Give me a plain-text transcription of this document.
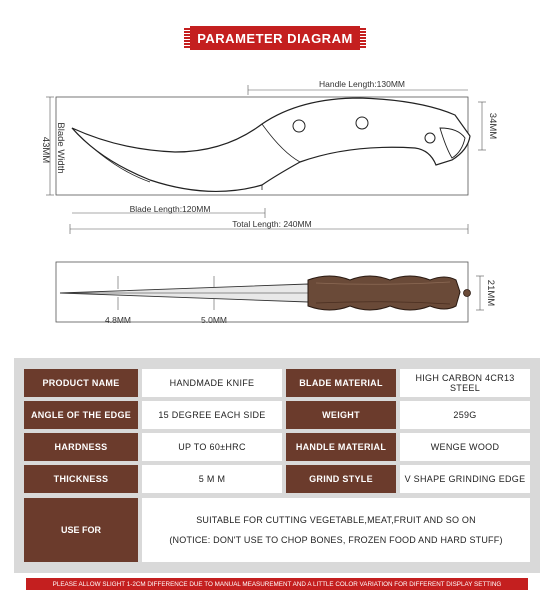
PARAMETER DIAGRAM
43MM Blade Width	34MM
Handle Length:130MM
Blade Length:120MM
Total Length: 240MM
4.8MM	5.0MM
21MM
PRODUCT NAME	HANDMADE KNIFE	BLADE MATERIAL	HIGH CARBON 4CR13 STEEL
ANGLE OF THE EDGE	15 DEGREE EACH SIDE	WEIGHT	259G
HARDNESS	UP TO 60±HRC	HANDLE MATERIAL	WENGE WOOD
THICKNESS	5 M M	GRIND STYLE	V SHAPE GRINDING EDGE
USE FOR
SUITABLE FOR CUTTING VEGETABLE,MEAT,FRUIT AND SO ON
(NOTICE: DON'T USE TO CHOP BONES, FROZEN FOOD AND HARD STUFF)
PLEASE ALLOW SLIGHT 1-2CM DIFFERENCE DUE TO MANUAL MEASUREMENT AND A LITTLE COLOR VARIATION FOR DIFFERENT DISPLAY SETTING
